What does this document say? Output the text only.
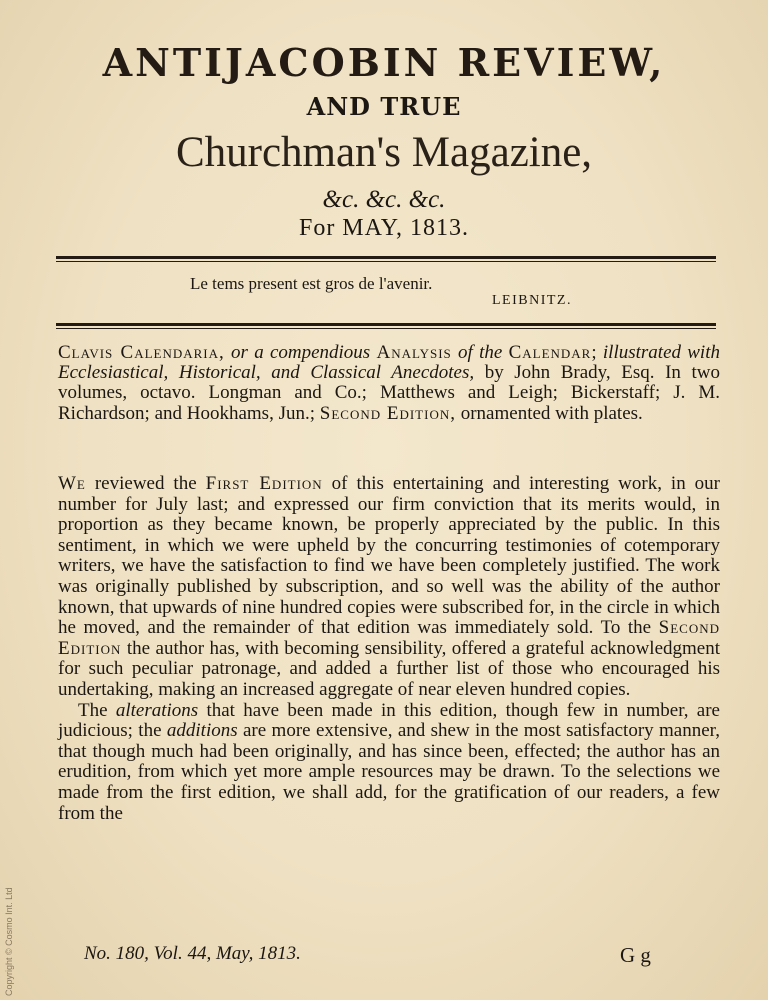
ANTIJACOBIN REVIEW,
AND TRUE
Churchman's Magazine,
&c. &c. &c.
For MAY, 1813.
Le tems present est gros de l'avenir.
LEIBNITZ.
Clavis Calendaria, or a compendious Analysis of the Calendar; illustrated with Ecclesiastical, Historical, and Classical Anecdotes, by John Brady, Esq. In two volumes, octavo. Longman and Co.; Matthews and Leigh; Bickerstaff; J. M. Richardson; and Hookhams, Jun.; Second Edition, ornamented with plates.

We reviewed the First Edition of this entertaining and interesting work, in our number for July last; and expressed our firm conviction that its merits would, in proportion as they became known, be properly appreciated by the public. In this sentiment, in which we were upheld by the concurring testimonies of cotemporary writers, we have the satisfaction to find we have been completely justified. The work was originally published by subscription, and so well was the ability of the author known, that upwards of nine hundred copies were subscribed for, in the circle in which he moved, and the remainder of that edition was immediately sold. To the Second Edition the author has, with becoming sensibility, offered a grateful acknowledgment for such peculiar patronage, and added a further list of those who encouraged his undertaking, making an increased aggregate of near eleven hundred copies.

The alterations that have been made in this edition, though few in number, are judicious; the additions are more extensive, and shew in the most satisfactory manner, that though much had been originally, and has since been, effected; the author has an erudition, from which yet more ample resources may be drawn. To the selections we made from the first edition, we shall add, for the gratification of our readers, a few from the

No. 180, Vol. 44, May, 1813.	G g
Copyright © Cosmo Int. Ltd
